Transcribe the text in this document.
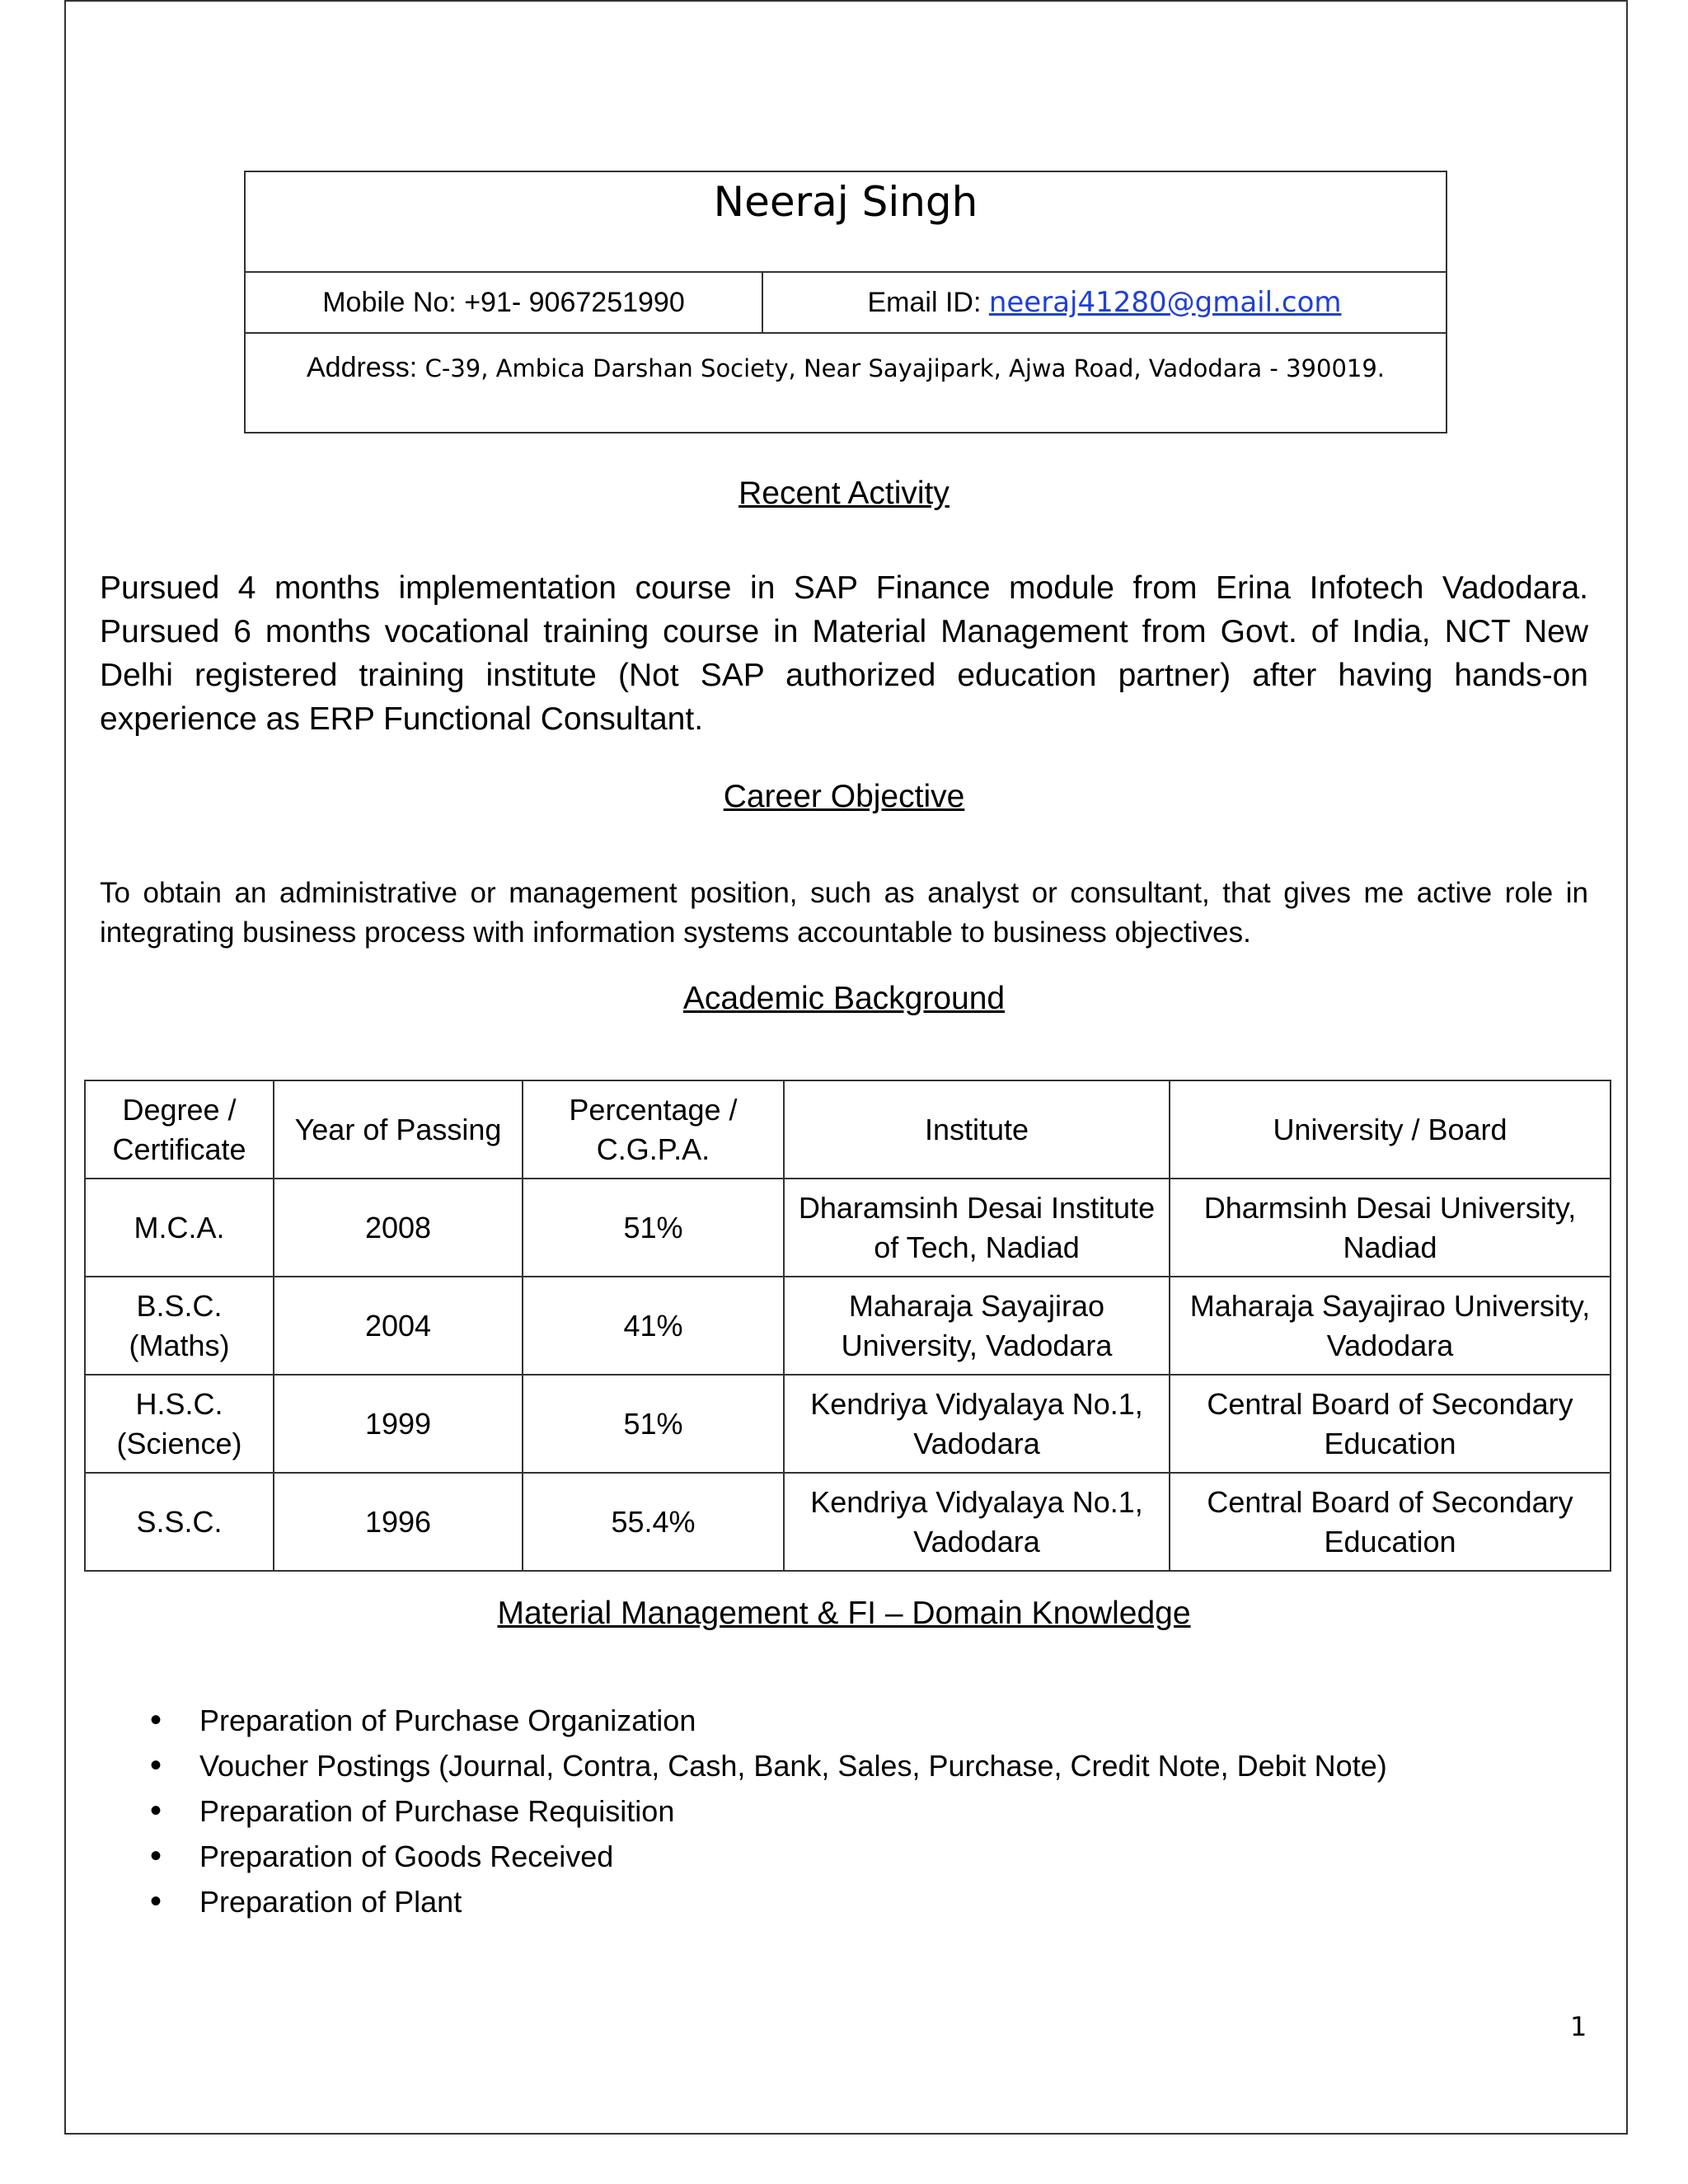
Neeraj Singh
Mobile No: +91- 9067251990	Email ID: neeraj41280@gmail.com
Address: C-39, Ambica Darshan Society, Near Sayajipark, Ajwa Road, Vadodara - 390019.
Recent Activity
Pursued 4 months implementation course in SAP Finance module from Erina Infotech Vadodara. Pursued 6 months vocational training course in Material Management from Govt. of India, NCT New Delhi registered training institute (Not SAP authorized education partner) after having hands-on experience as ERP Functional Consultant.
Career Objective
To obtain an administrative or management position, such as analyst or consultant, that gives me active role in integrating business process with information systems accountable to business objectives.
Academic Background
Degree / Certificate	Year of Passing	Percentage / C.G.P.A.	Institute	University / Board
M.C.A.	2008	51%	Dharamsinh Desai Institute of Tech, Nadiad	Dharmsinh Desai University, Nadiad
B.S.C. (Maths)	2004	41%	Maharaja Sayajirao University, Vadodara	Maharaja Sayajirao University, Vadodara
H.S.C. (Science)	1999	51%	Kendriya Vidyalaya No.1, Vadodara	Central Board of Secondary Education
S.S.C.	1996	55.4%	Kendriya Vidyalaya No.1, Vadodara	Central Board of Secondary Education
Material Management & FI – Domain Knowledge
•	Preparation of Purchase Organization
•	Voucher Postings (Journal, Contra, Cash, Bank, Sales, Purchase, Credit Note, Debit Note)
•	Preparation of Purchase Requisition
•	Preparation of Goods Received
•	Preparation of Plant
1
